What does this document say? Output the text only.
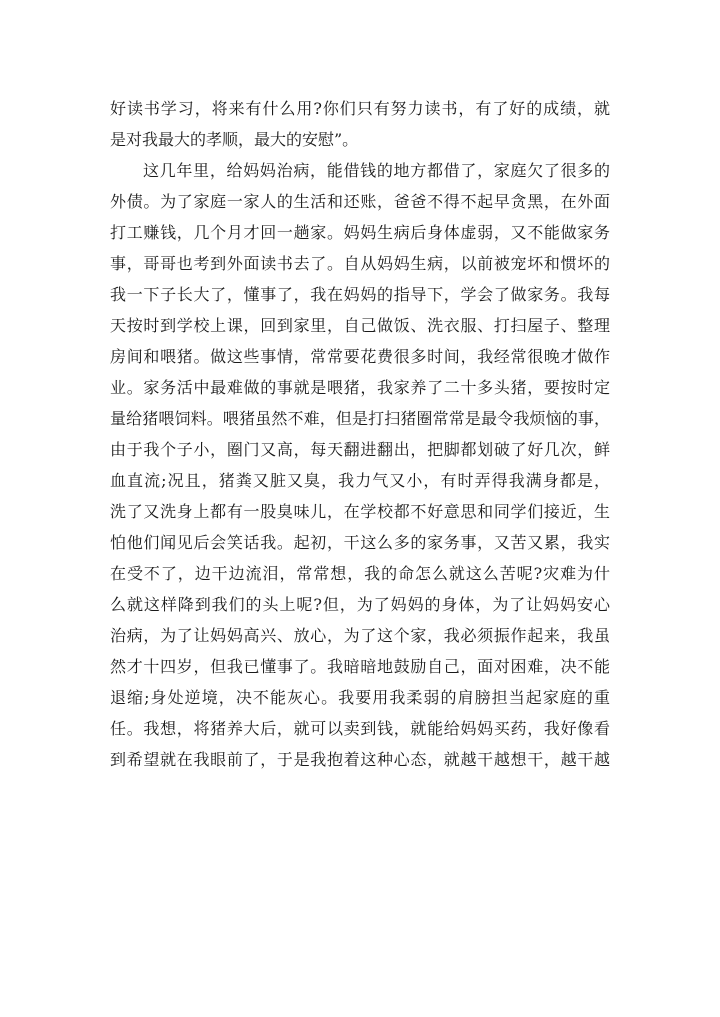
好读书学习，将来有什么用?你们只有努力读书，有了好的成绩，就
是对我最大的孝顺，最大的安慰”。
这几年里，给妈妈治病，能借钱的地方都借了，家庭欠了很多的
外债。为了家庭一家人的生活和还账，爸爸不得不起早贪黑，在外面
打工赚钱，几个月才回一趟家。妈妈生病后身体虚弱，又不能做家务
事，哥哥也考到外面读书去了。自从妈妈生病，以前被宠坏和惯坏的
我一下子长大了，懂事了，我在妈妈的指导下，学会了做家务。我每
天按时到学校上课，回到家里，自己做饭、洗衣服、打扫屋子、整理
房间和喂猪。做这些事情，常常要花费很多时间，我经常很晚才做作
业。家务活中最难做的事就是喂猪，我家养了二十多头猪，要按时定
量给猪喂饲料。喂猪虽然不难，但是打扫猪圈常常是最令我烦恼的事，
由于我个子小，圈门又高，每天翻进翻出，把脚都划破了好几次，鲜
血直流;况且，猪粪又脏又臭，我力气又小，有时弄得我满身都是，
洗了又洗身上都有一股臭味儿，在学校都不好意思和同学们接近，生
怕他们闻见后会笑话我。起初，干这么多的家务事，又苦又累，我实
在受不了，边干边流泪，常常想，我的命怎么就这么苦呢?灾难为什
么就这样降到我们的头上呢?但，为了妈妈的身体，为了让妈妈安心
治病，为了让妈妈高兴、放心，为了这个家，我必须振作起来，我虽
然才十四岁，但我已懂事了。我暗暗地鼓励自己，面对困难，决不能
退缩;身处逆境，决不能灰心。我要用我柔弱的肩膀担当起家庭的重
任。我想，将猪养大后，就可以卖到钱，就能给妈妈买药，我好像看
到希望就在我眼前了，于是我抱着这种心态，就越干越想干，越干越
